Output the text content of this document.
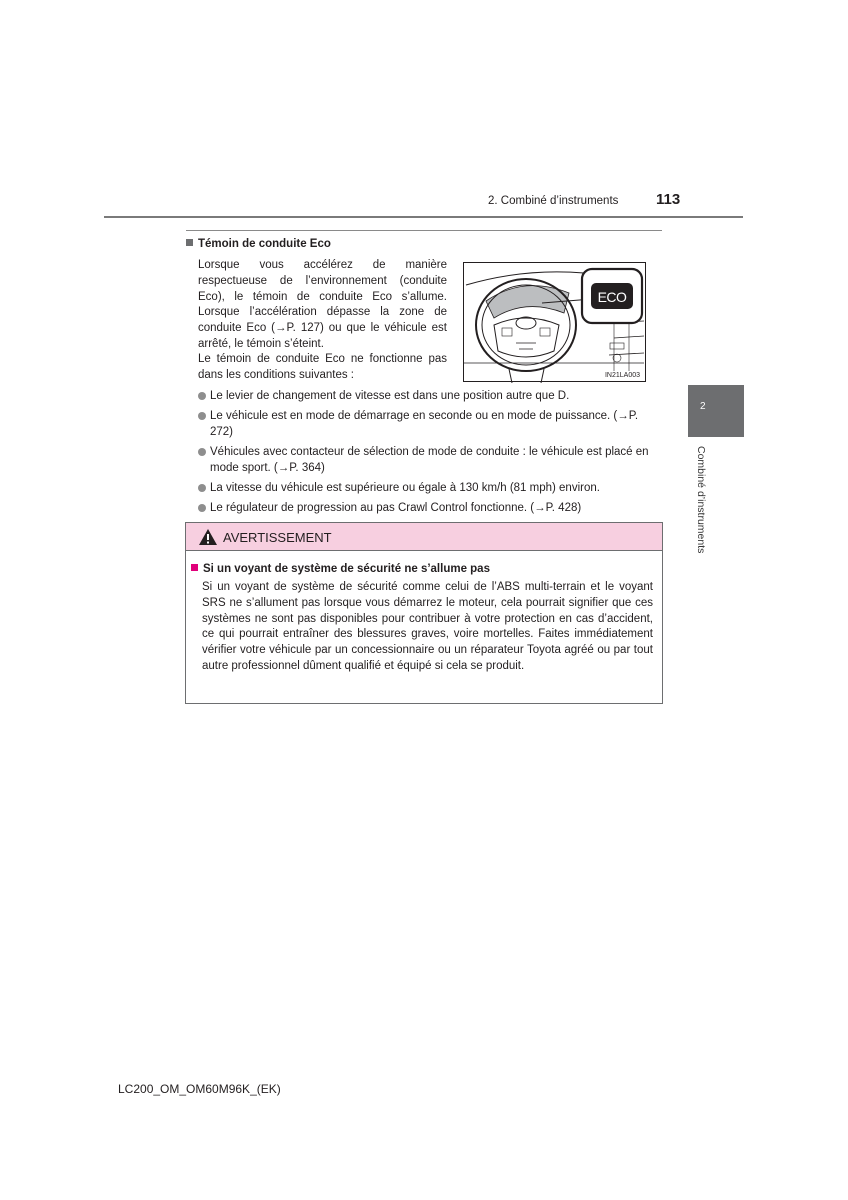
2. Combiné d’instruments	113
2
Combiné d’instruments
Témoin de conduite Eco

Lorsque vous accélérez de manière respectueuse de l’environnement (conduite Eco), le témoin de conduite Eco s’allume. Lorsque l’accélération dépasse la zone de conduite Eco (→P. 127) ou que le véhicule est arrêté, le témoin s’éteint.

Le témoin de conduite Eco ne fonctionne pas dans les conditions suivantes :

ECO
IN21LA003
Le levier de changement de vitesse est dans une position autre que D.
Le véhicule est en mode de démarrage en seconde ou en mode de puissance. (→P. 272)
Véhicules avec contacteur de sélection de mode de conduite : le véhicule est placé en mode sport. (→P. 364)
La vitesse du véhicule est supérieure ou égale à 130 km/h (81 mph) environ.
Le régulateur de progression au pas Crawl Control fonctionne. (→P. 428)
AVERTISSEMENT
Si un voyant de système de sécurité ne s’allume pas

Si un voyant de système de sécurité comme celui de l’ABS multi-terrain et le voyant SRS ne s’allument pas lorsque vous démarrez le moteur, cela pourrait signifier que ces systèmes ne sont pas disponibles pour contribuer à votre protection en cas d’accident, ce qui pourrait entraîner des blessures graves, voire mortelles. Faites immédiatement vérifier votre véhicule par un concessionnaire ou un réparateur Toyota agréé ou par tout autre professionnel dûment qualifié et équipé si cela se produit.

LC200_OM_OM60M96K_(EK)
